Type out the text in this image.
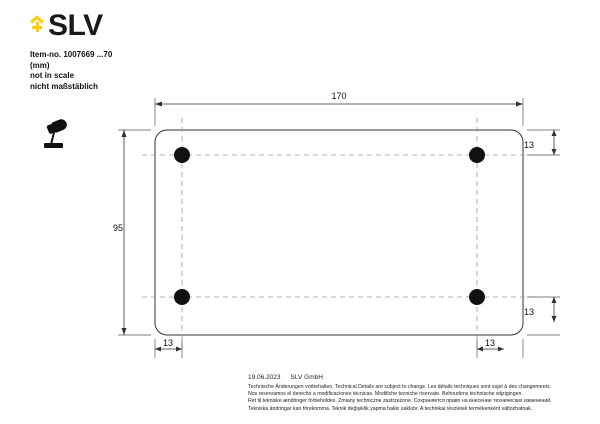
SLV
Item-no. 1007669 ...70
(mm)
not in scale
nicht maßstäblich
170
95
13
13
13	13
19.06.2023 SLV GmbH
Technische Änderungen vorbehalten. Technical Details are subject to change. Les détails techniques sont sujet à des changements.
Nos reservamos el derecho a modificaciones técnicas. Modifiche tecniche riservate. Behoudens technische wijzigingen.
Ret til tekniske ændringer forbeholdes. Zmiany techniczne zastrzeżone. Сохраняется право на внесение технических изменений.
Tekniska ändringar kan förekomma. Teknik değişiklik yapma hakkı saklıdır. A technikai részletek termékenként változhatnak.
